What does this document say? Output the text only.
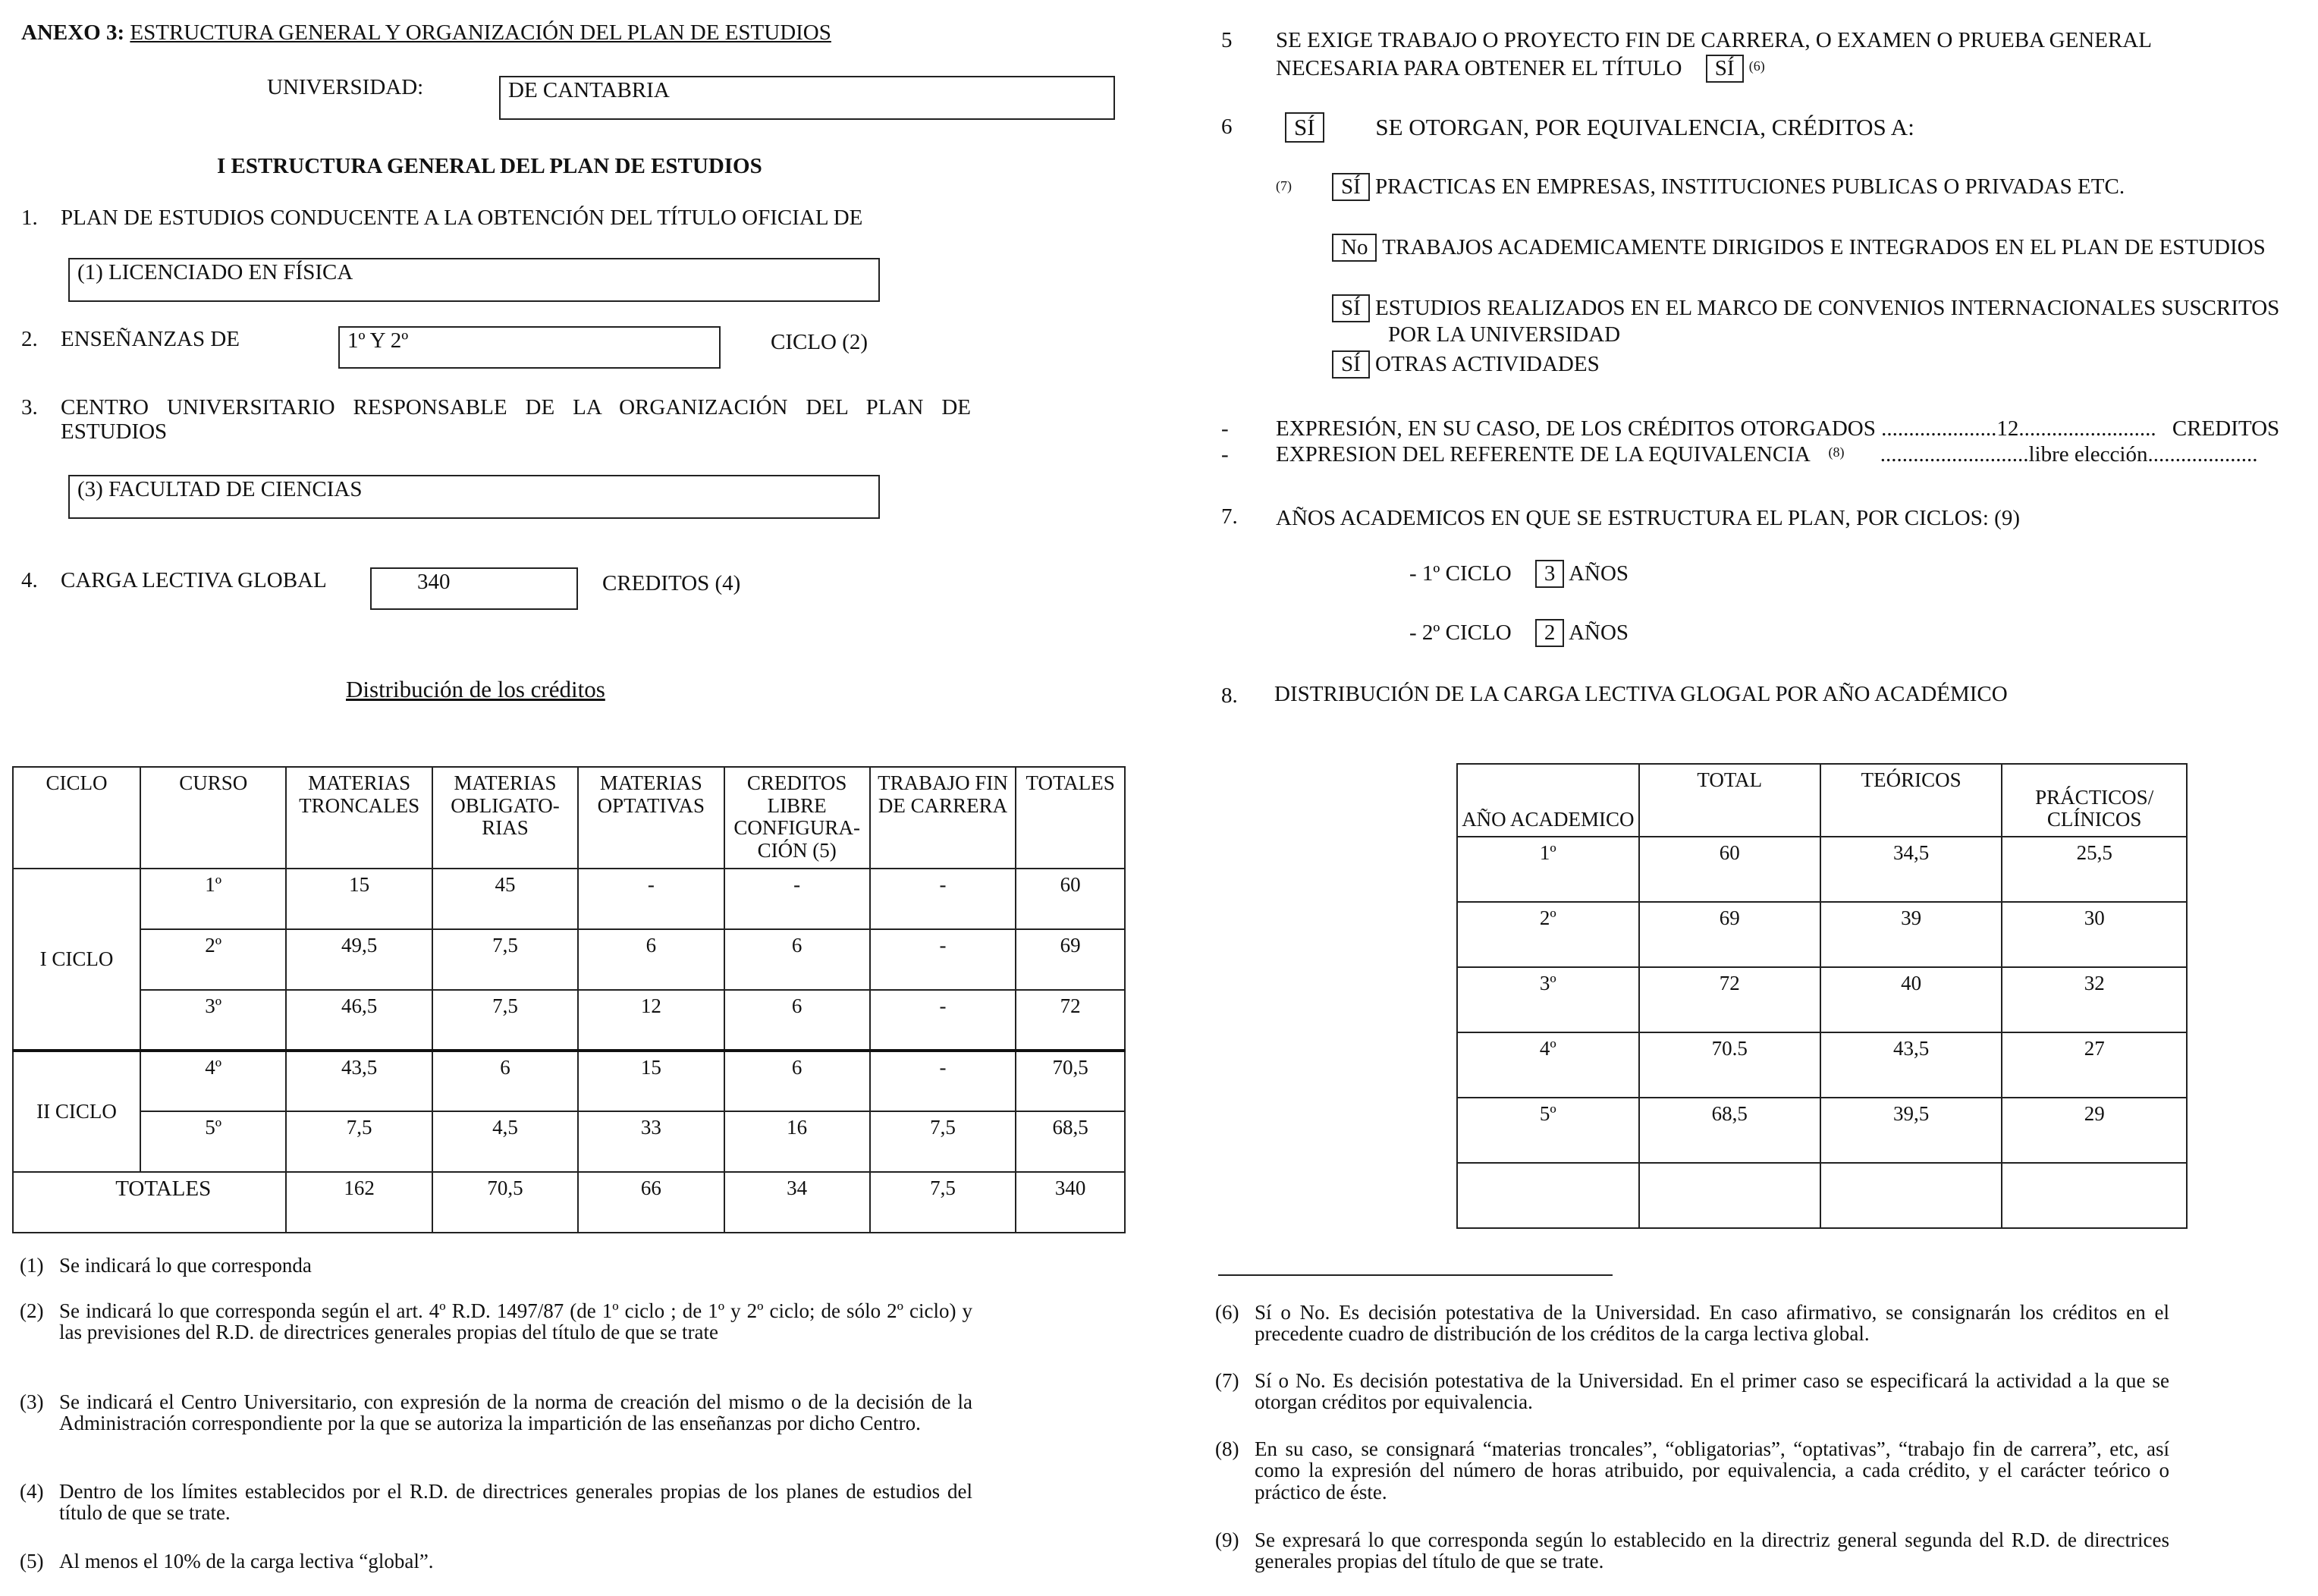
ANEXO 3: ESTRUCTURA GENERAL Y ORGANIZACIÓN DEL PLAN DE ESTUDIOS
UNIVERSIDAD:	DE CANTABRIA
I ESTRUCTURA GENERAL DEL PLAN DE ESTUDIOS
1. PLAN DE ESTUDIOS CONDUCENTE A LA OBTENCIÓN DEL TÍTULO OFICIAL DE
(1) LICENCIADO EN FÍSICA
2. ENSEÑANZAS DE	1º Y 2º	CICLO (2)
3. CENTRO UNIVERSITARIO RESPONSABLE DE LA ORGANIZACIÓN DEL PLAN DE ESTUDIOS
(3) FACULTAD DE CIENCIAS
4. CARGA LECTIVA GLOBAL	340	CREDITOS (4)
Distribución de los créditos
CICLO	CURSO	MATERIAS TRONCALES	MATERIAS OBLIGATO-RIAS	MATERIAS OPTATIVAS	CREDITOS LIBRE CONFIGURA-CIÓN (5)	TRABAJO FIN DE CARRERA	TOTALES
I CICLO	1º	15	45	-	-	-	60
	2º	49,5	7,5	6	6	-	69
	3º	46,5	7,5	12	6	-	72
II CICLO	4º	43,5	6	15	6	-	70,5
	5º	7,5	4,5	33	16	7,5	68,5
TOTALES		162	70,5	66	34	7,5	340
(1) Se indicará lo que corresponda
(2) Se indicará lo que corresponda según el art. 4º R.D. 1497/87 (de 1º ciclo ; de 1º y 2º ciclo; de sólo 2º ciclo) y las previsiones del R.D. de directrices generales propias del título de que se trate
(3) Se indicará el Centro Universitario, con expresión de la norma de creación del mismo o de la decisión de la Administración correspondiente por la que se autoriza la impartición de las enseñanzas por dicho Centro.
(4) Dentro de los límites establecidos por el R.D. de directrices generales propias de los planes de estudios del título de que se trate.
(5) Al menos el 10% de la carga lectiva “global”.
5 SE EXIGE TRABAJO O PROYECTO FIN DE CARRERA, O EXAMEN O PRUEBA GENERAL
NECESARIA PARA OBTENER EL TÍTULO SÍ $^{(6)}$
6	SÍ	SE OTORGAN, POR EQUIVALENCIA, CRÉDITOS A:
(7)	SÍ PRACTICAS EN EMPRESAS, INSTITUCIONES PUBLICAS O PRIVADAS ETC.
No TRABAJOS ACADEMICAMENTE DIRIGIDOS E INTEGRADOS EN EL PLAN DE ESTUDIOS
SÍ ESTUDIOS REALIZADOS EN EL MARCO DE CONVENIOS INTERNACIONALES SUSCRITOS
POR LA UNIVERSIDAD
SÍ OTRAS ACTIVIDADES
- EXPRESIÓN, EN SU CASO, DE LOS CRÉDITOS OTORGADOS .....................12......................... CREDITOS
- EXPRESION DEL REFERENTE DE LA EQUIVALENCIA $^{(8)}$ ...........................libre elección....................
7. AÑOS ACADEMICOS EN QUE SE ESTRUCTURA EL PLAN, POR CICLOS: (9)
- 1º CICLO 3 AÑOS
- 2º CICLO 2 AÑOS
8. DISTRIBUCIÓN DE LA CARGA LECTIVA GLOGAL POR AÑO ACADÉMICO
AÑO ACADEMICO	TOTAL	TEÓRICOS	PRÁCTICOS/ CLÍNICOS
1º	60	34,5	25,5
2º	69	39	30
3º	72	40	32
4º	70.5	43,5	27
5º	68,5	39,5	29

(6) Sí o No. Es decisión potestativa de la Universidad. En caso afirmativo, se consignarán los créditos en el precedente cuadro de distribución de los créditos de la carga lectiva global.
(7) Sí o No. Es decisión potestativa de la Universidad. En el primer caso se especificará la actividad a la que se otorgan créditos por equivalencia.
(8) En su caso, se consignará “materias troncales”, “obligatorias”, “optativas”, “trabajo fin de carrera”, etc, así como la expresión del número de horas atribuido, por equivalencia, a cada crédito, y el carácter teórico o práctico de éste.
(9) Se expresará lo que corresponda según lo establecido en la directriz general segunda del R.D. de directrices generales propias del título de que se trate.
